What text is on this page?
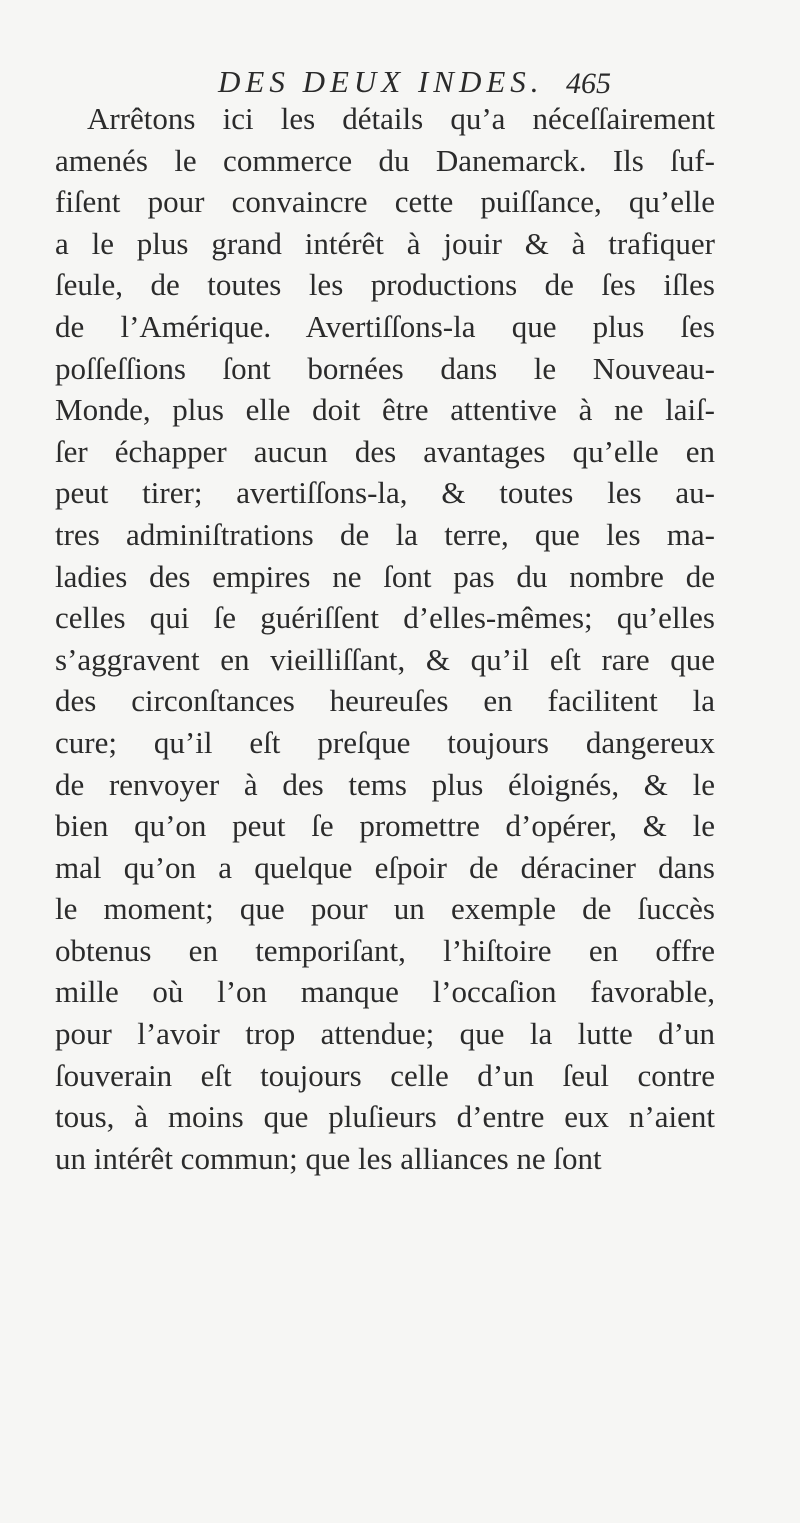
DES DEUX INDES. 465
Arrêtons ici les détails qu’a néceſſairement
amenés le commerce du Danemarck. Ils ſuf-
fiſent pour convaincre cette puiſſance, qu’elle
a le plus grand intérêt à jouir & à trafiquer
ſeule, de toutes les productions de ſes iſles
de l’Amérique. Avertiſſons-la que plus ſes
poſſeſſions ſont bornées dans le Nouveau-
Monde, plus elle doit être attentive à ne laiſ-
ſer échapper aucun des avantages qu’elle en
peut tirer; avertiſſons-la, & toutes les au-
tres adminiſtrations de la terre, que les ma-
ladies des empires ne ſont pas du nombre de
celles qui ſe guériſſent d’elles-mêmes; qu’elles
s’aggravent en vieilliſſant, & qu’il eſt rare que
des circonſtances heureuſes en facilitent la
cure; qu’il eſt preſque toujours dangereux
de renvoyer à des tems plus éloignés, & le
bien qu’on peut ſe promettre d’opérer, & le
mal qu’on a quelque eſpoir de déraciner dans
le moment; que pour un exemple de ſuccès
obtenus en temporiſant, l’hiſtoire en offre
mille où l’on manque l’occaſion favorable,
pour l’avoir trop attendue; que la lutte d’un
ſouverain eſt toujours celle d’un ſeul contre
tous, à moins que pluſieurs d’entre eux n’aient
un intérêt commun; que les alliances ne ſont
